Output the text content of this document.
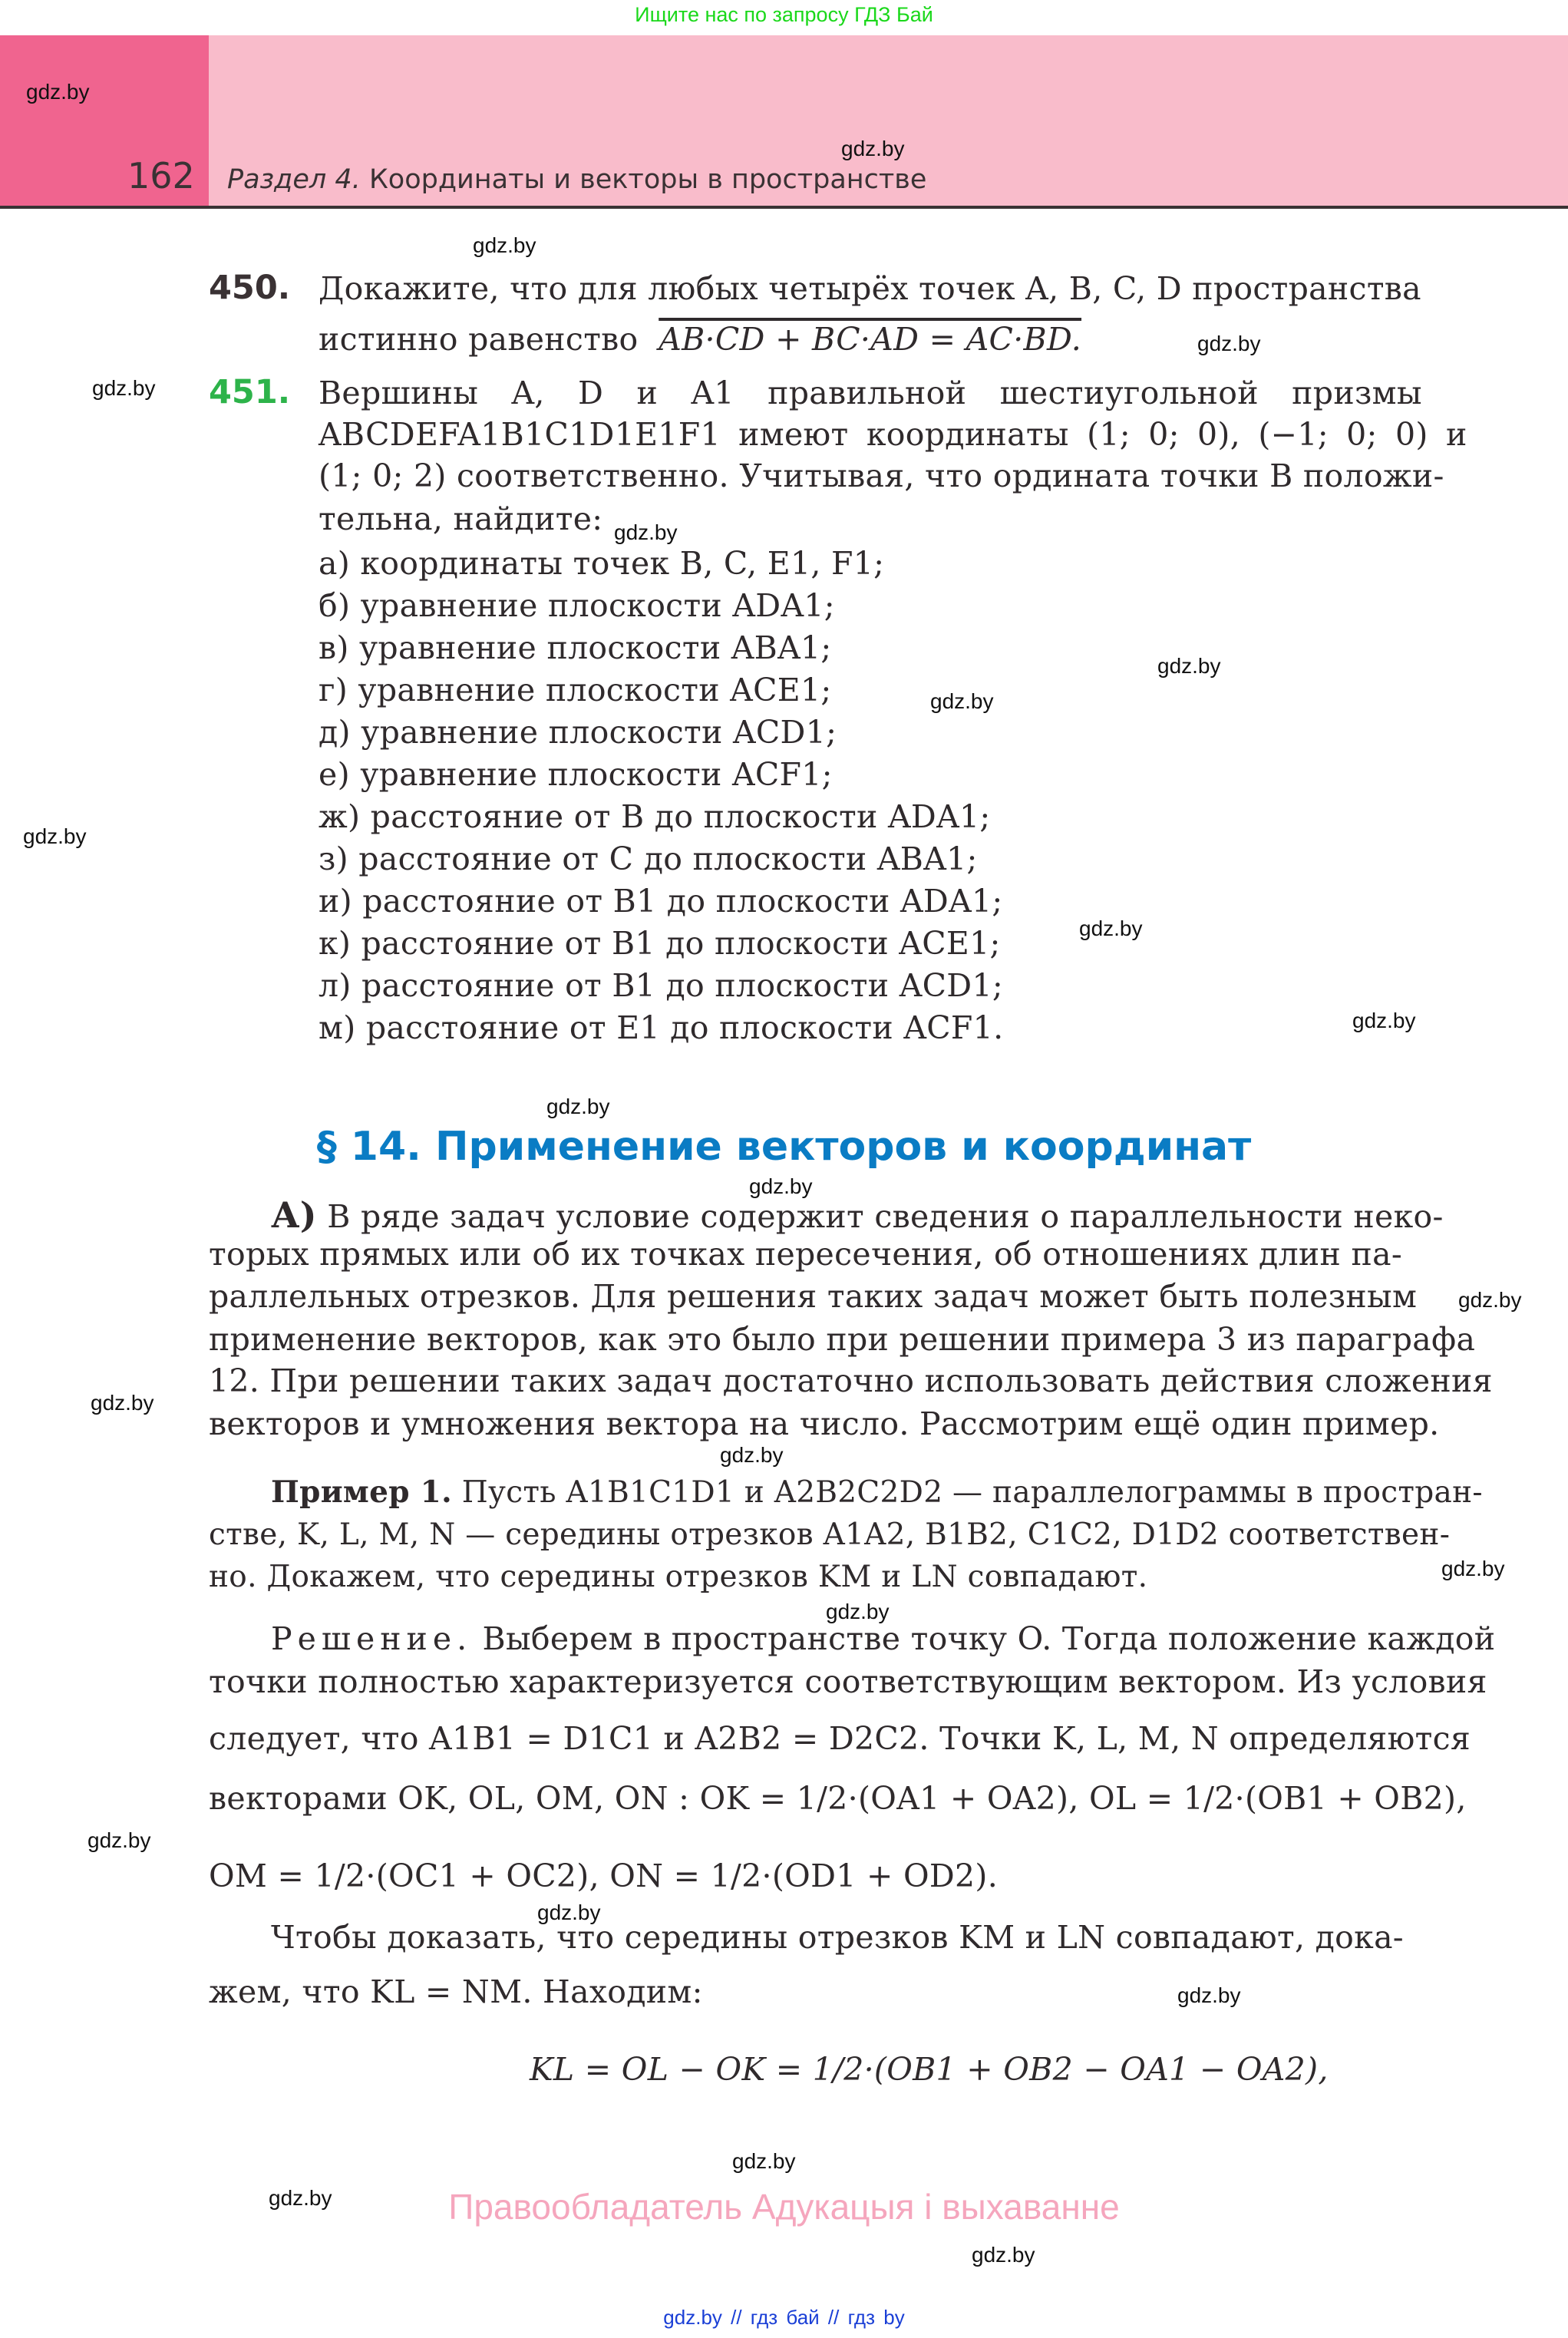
Ищите нас по запросу ГДЗ Бай
162 Раздел 4. Координаты и векторы в пространстве
gdz.by
gdz.by
gdz.by
gdz.by
gdz.by
gdz.by
gdz.by
gdz.by
gdz.by
gdz.by
gdz.by
gdz.by
gdz.by
gdz.by
gdz.by
gdz.by
gdz.by
gdz.by
gdz.by
gdz.by
gdz.by
gdz.by
gdz.by
gdz.by
450. Докажите, что для любых четырёх точек A, B, C, D пространства
истинно равенство AB·CD + BC·AD = AC·BD.
451. Вершины A, D и A1 правильной шестиугольной призмы
ABCDEFA1B1C1D1E1F1 имеют координаты (1; 0; 0), (−1; 0; 0) и
(1; 0; 2) соответственно. Учитывая, что ордината точки B положи-
тельна, найдите:
а) координаты точек B, C, E1, F1;
б) уравнение плоскости ADA1;
в) уравнение плоскости ABA1;
г) уравнение плоскости ACE1;
д) уравнение плоскости ACD1;
е) уравнение плоскости ACF1;
ж) расстояние от B до плоскости ADA1;
з) расстояние от C до плоскости ABA1;
и) расстояние от B1 до плоскости ADA1;
к) расстояние от B1 до плоскости ACE1;
л) расстояние от B1 до плоскости ACD1;
м) расстояние от E1 до плоскости ACF1.
§ 14. Применение векторов и координат
А) В ряде задач условие содержит сведения о параллельности неко-
торых прямых или об их точках пересечения, об отношениях длин па-
раллельных отрезков. Для решения таких задач может быть полезным
применение векторов, как это было при решении примера 3 из параграфа
12. При решении таких задач достаточно использовать действия сложения
векторов и умножения вектора на число. Рассмотрим ещё один пример.
Пример 1. Пусть A1B1C1D1 и A2B2C2D2 — параллелограммы в простран-
стве, K, L, M, N — середины отрезков A1A2, B1B2, C1C2, D1D2 соответствен-
но. Докажем, что середины отрезков KM и LN совпадают.
Решение. Выберем в пространстве точку O. Тогда положение каждой
точки полностью характеризуется соответствующим вектором. Из условия
следует, что A1B1 = D1C1 и A2B2 = D2C2. Точки K, L, M, N определяются
векторами OK, OL, OM, ON : OK = 1/2·(OA1 + OA2), OL = 1/2·(OB1 + OB2),
OM = 1/2·(OC1 + OC2), ON = 1/2·(OD1 + OD2).
Чтобы доказать, что середины отрезков KM и LN совпадают, дока-
жем, что KL = NM. Находим:
KL = OL − OK = 1/2·(OB1 + OB2 − OA1 − OA2),
Правообладатель Адукацыя і выхаванне
gdz.by // гдз бай // гдз by
